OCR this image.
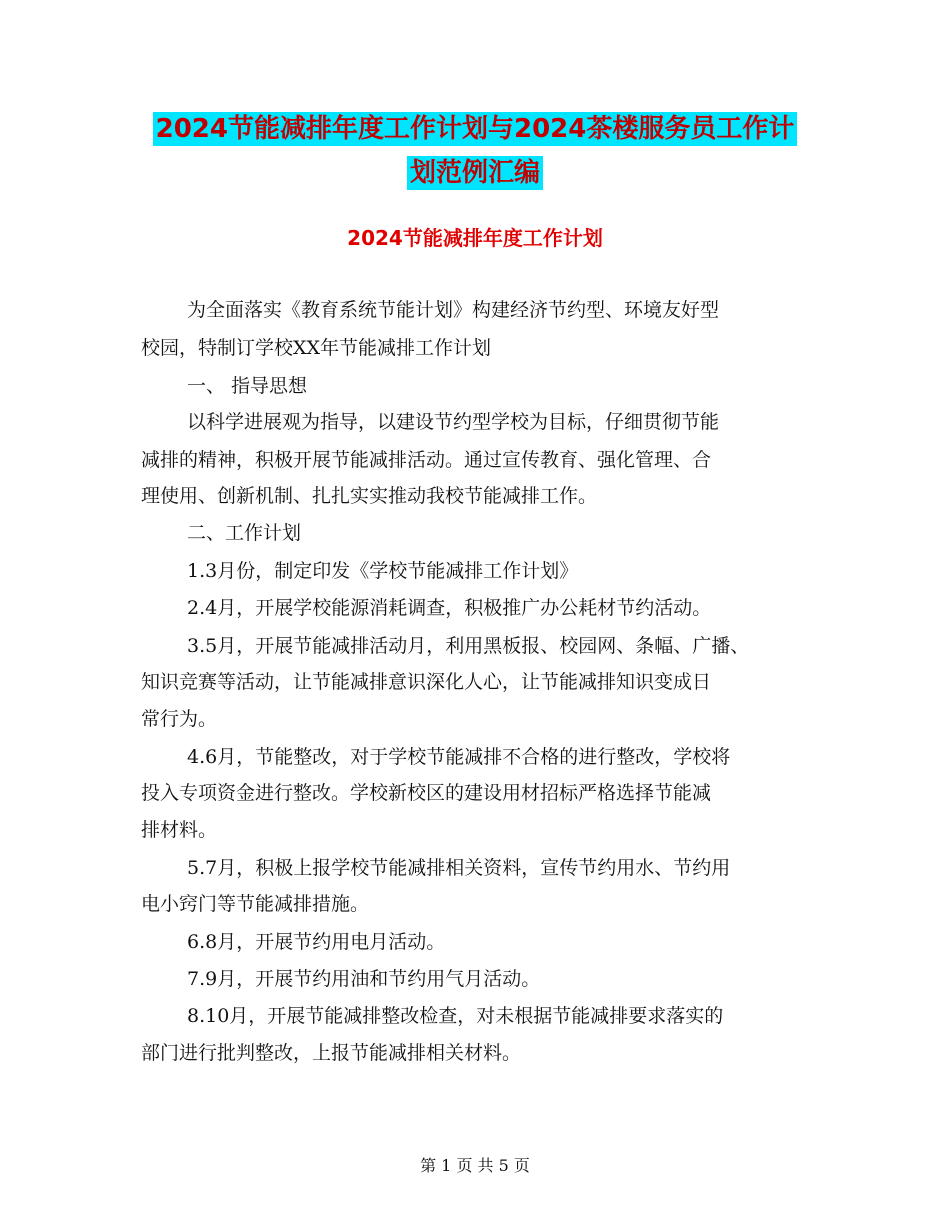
2024节能减排年度工作计划与2024茶楼服务员工作计
划范例汇编
2024节能减排年度工作计划
为全面落实《教育系统节能计划》构建经济节约型、环境友好型
校园，特制订学校XX年节能减排工作计划
一、 指导思想
以科学进展观为指导，以建设节约型学校为目标，仔细贯彻节能
减排的精神，积极开展节能减排活动。通过宣传教育、强化管理、合
理使用、创新机制、扎扎实实推动我校节能减排工作。
二、工作计划
1.3月份，制定印发《学校节能减排工作计划》
2.4月，开展学校能源消耗调查，积极推广办公耗材节约活动。
3.5月，开展节能减排活动月，利用黑板报、校园网、条幅、广播、
知识竞赛等活动，让节能减排意识深化人心，让节能减排知识变成日
常行为。
4.6月，节能整改，对于学校节能减排不合格的进行整改，学校将
投入专项资金进行整改。学校新校区的建设用材招标严格选择节能减
排材料。
5.7月，积极上报学校节能减排相关资料，宣传节约用水、节约用
电小窍门等节能减排措施。
6.8月，开展节约用电月活动。
7.9月，开展节约用油和节约用气月活动。
8.10月，开展节能减排整改检查，对未根据节能减排要求落实的
部门进行批判整改，上报节能减排相关材料。
第 1 页 共 5 页
